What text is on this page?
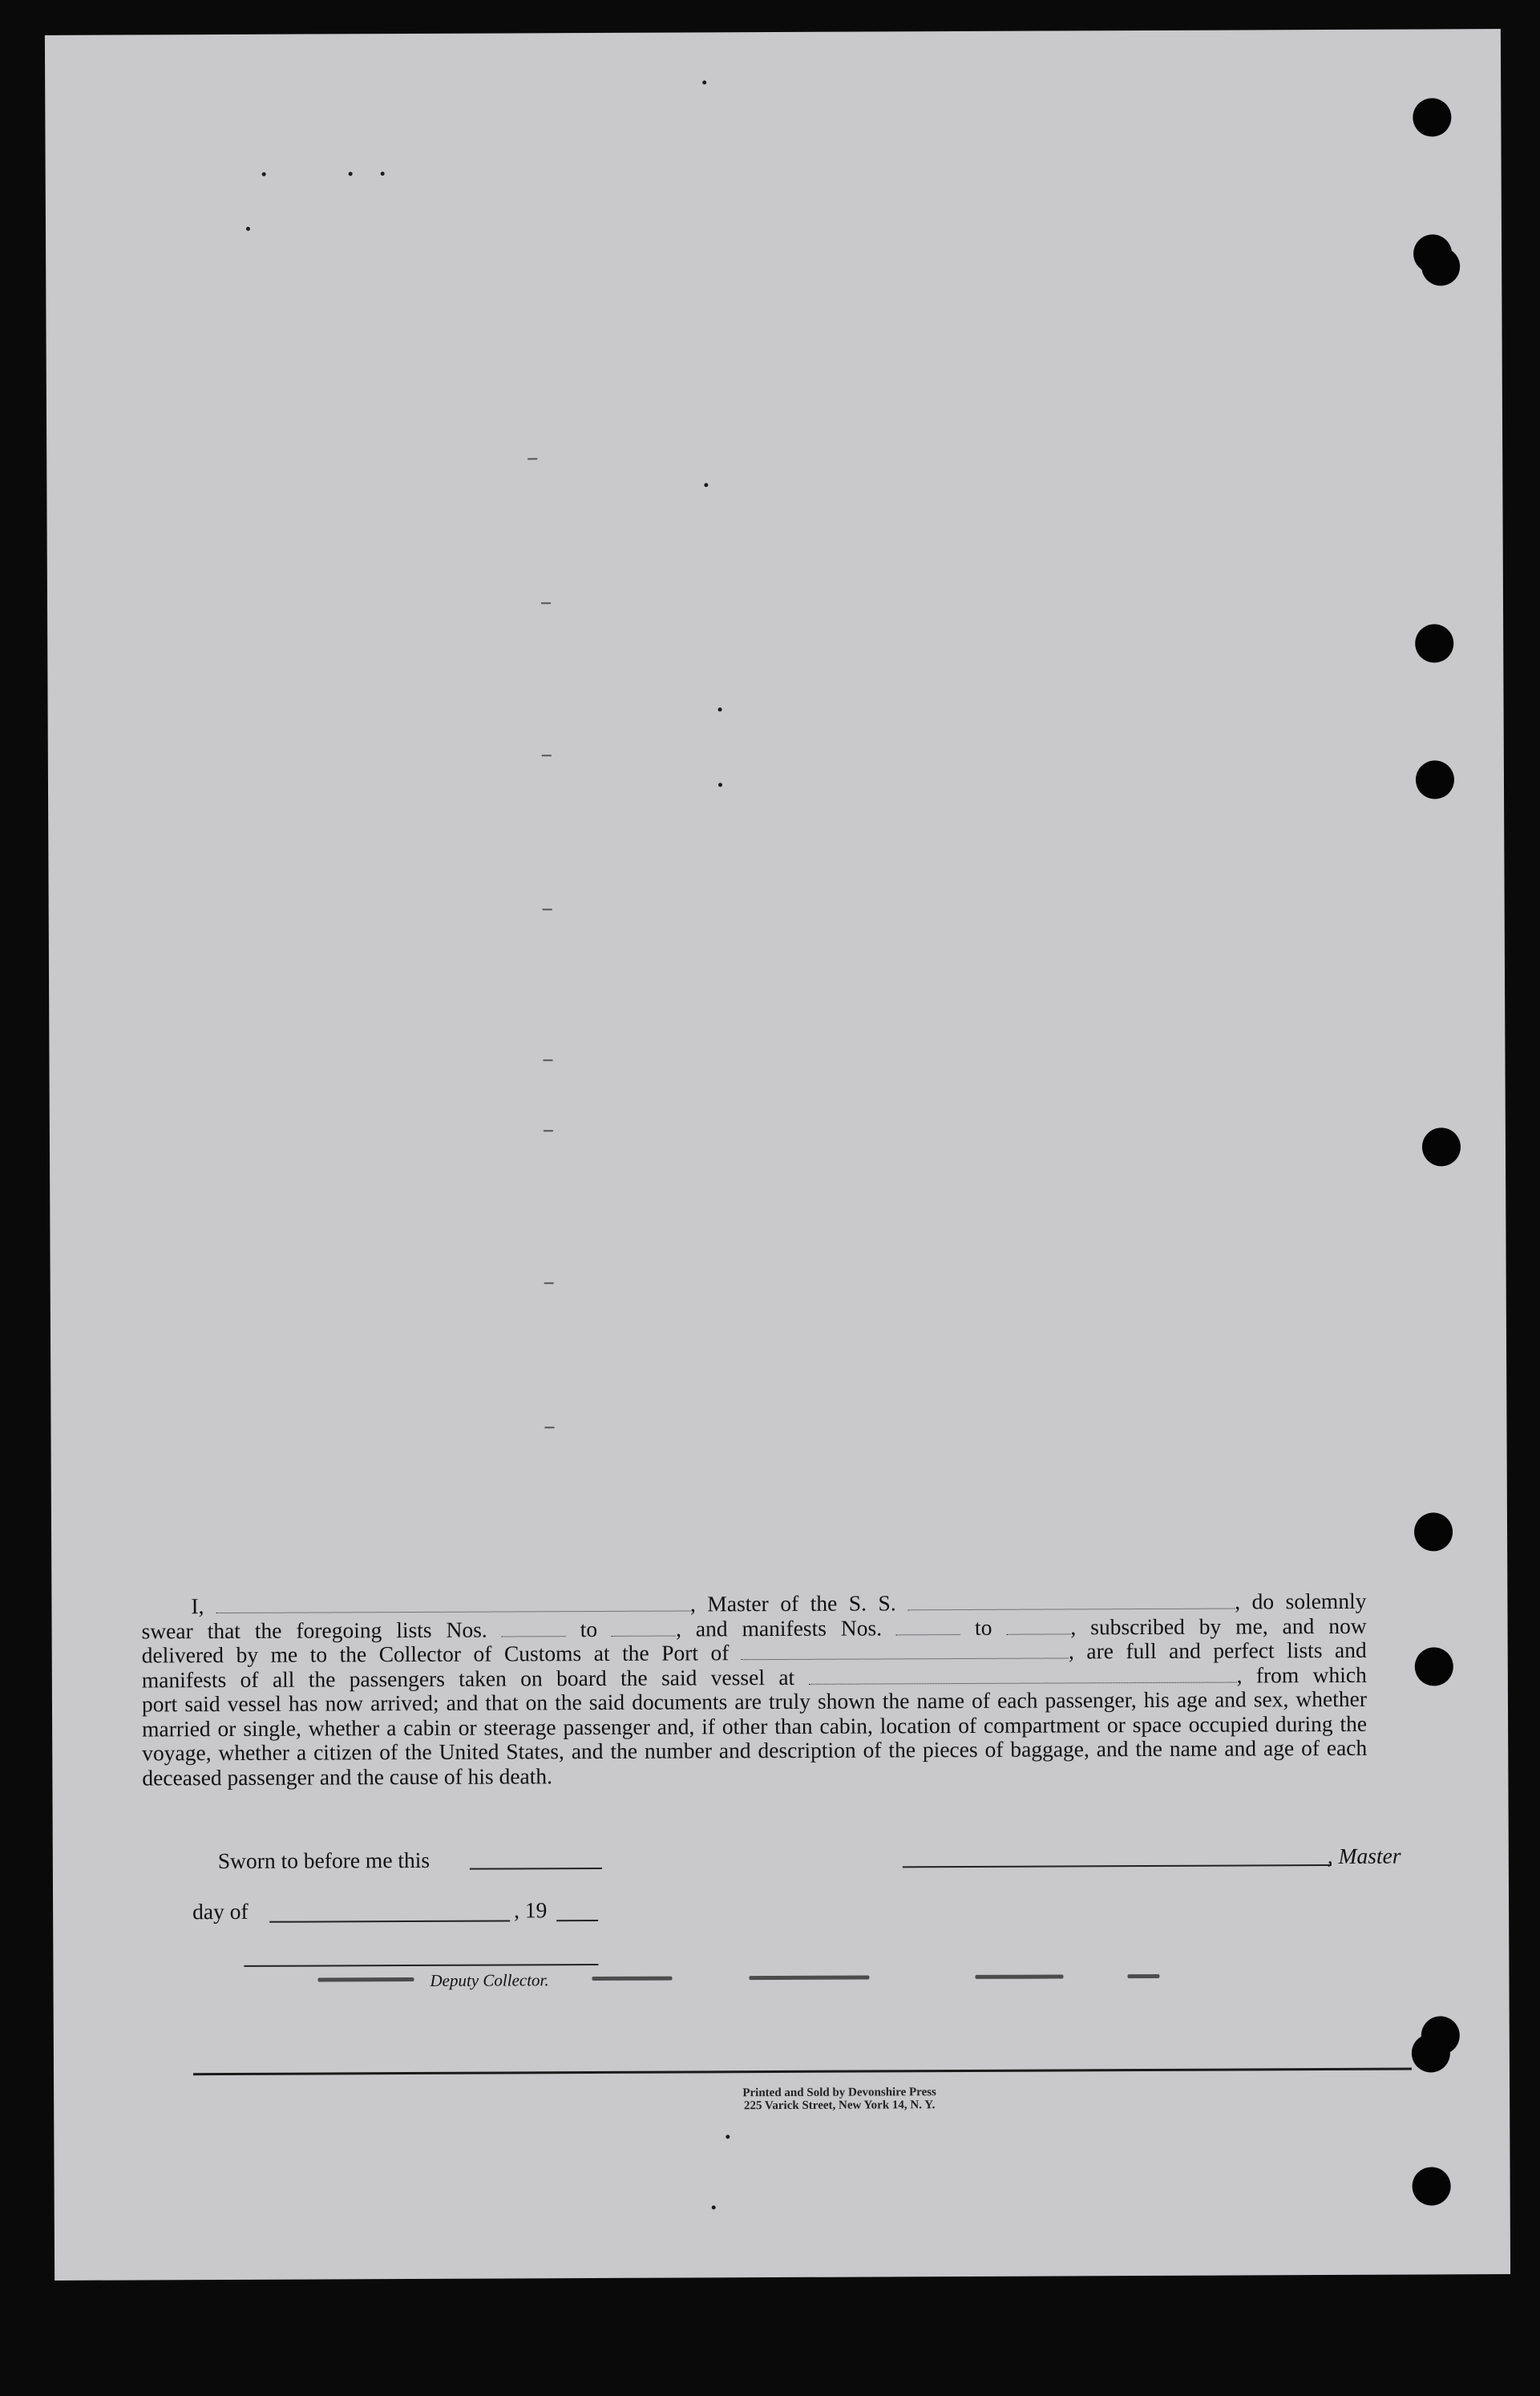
I,	, Master of the S. S.	, do solemnly

swear that the foregoing lists Nos.	to	, and manifests Nos.	to	, subscribed by me, and now

delivered by me to the Collector of Customs at the Port of	, are full and perfect lists and

manifests of all the passengers taken on board the said vessel at	, from which

port said vessel has now arrived; and that on the said documents are truly shown the name of each passenger, his age and sex, whether married or single, whether a cabin or steerage passenger and, if other than cabin, location of compartment or space occupied during the voyage, whether a citizen of the United States, and the number and description of the pieces of baggage, and the name and age of each deceased passenger and the cause of his death.

Sworn to before me this	, Master
day of	, 19
Deputy Collector.
Printed and Sold by Devonshire Press
225 Varick Street, New York 14, N. Y.
